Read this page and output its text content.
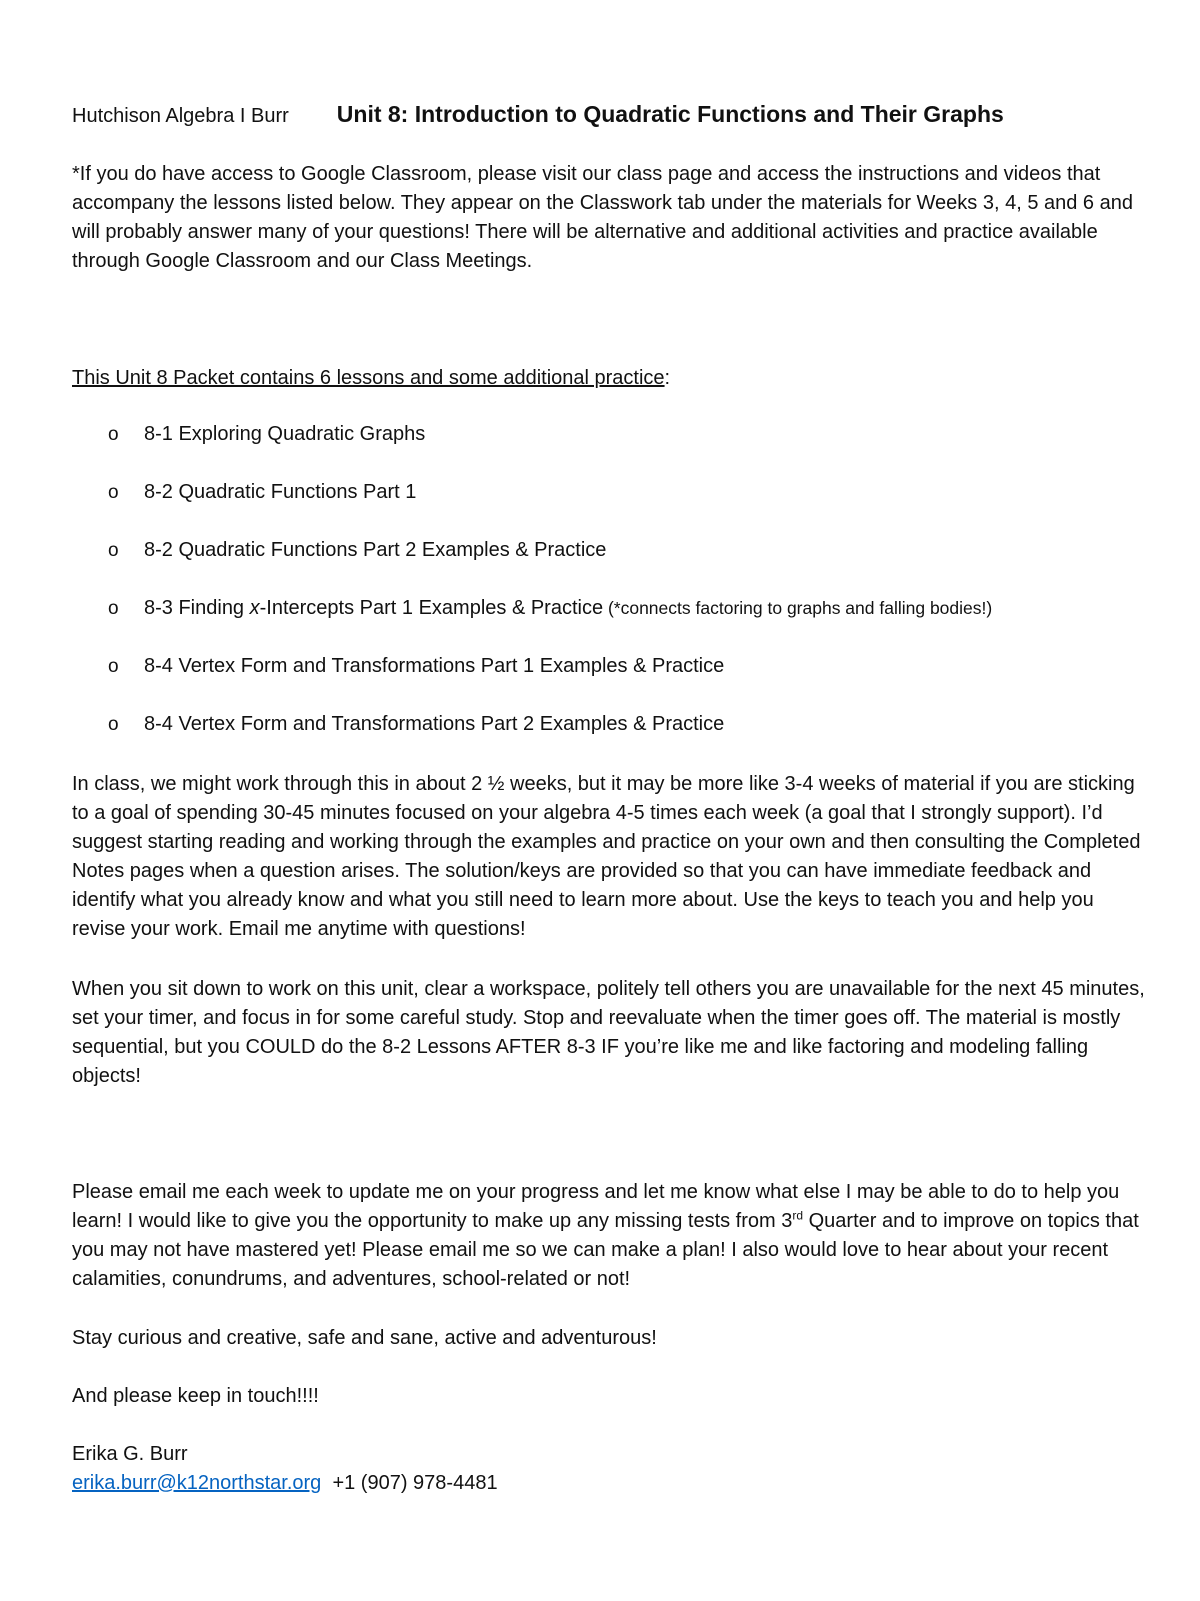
Hutchison Algebra I Burr Unit 8: Introduction to Quadratic Functions and Their Graphs

*If you do have access to Google Classroom, please visit our class page and access the instructions and videos that accompany the lessons listed below. They appear on the Classwork tab under the materials for Weeks 3, 4, 5 and 6 and will probably answer many of your questions! There will be alternative and additional activities and practice available through Google Classroom and our Class Meetings.

This Unit 8 Packet contains 6 lessons and some additional practice:

o 8-1 Exploring Quadratic Graphs
o 8-2 Quadratic Functions Part 1
o 8-2 Quadratic Functions Part 2 Examples & Practice
o 8-3 Finding x-Intercepts Part 1 Examples & Practice (*connects factoring to graphs and falling bodies!)
o 8-4 Vertex Form and Transformations Part 1 Examples & Practice
o 8-4 Vertex Form and Transformations Part 2 Examples & Practice

In class, we might work through this in about 2 ½ weeks, but it may be more like 3-4 weeks of material if you are sticking to a goal of spending 30-45 minutes focused on your algebra 4-5 times each week (a goal that I strongly support). I’d suggest starting reading and working through the examples and practice on your own and then consulting the Completed Notes pages when a question arises. The solution/keys are provided so that you can have immediate feedback and identify what you already know and what you still need to learn more about. Use the keys to teach you and help you revise your work. Email me anytime with questions!

When you sit down to work on this unit, clear a workspace, politely tell others you are unavailable for the next 45 minutes, set your timer, and focus in for some careful study. Stop and reevaluate when the timer goes off. The material is mostly sequential, but you COULD do the 8-2 Lessons AFTER 8-3 IF you’re like me and like factoring and modeling falling objects!

Please email me each week to update me on your progress and let me know what else I may be able to do to help you learn! I would like to give you the opportunity to make up any missing tests from 3rd Quarter and to improve on topics that you may not have mastered yet! Please email me so we can make a plan! I also would love to hear about your recent calamities, conundrums, and adventures, school-related or not!

Stay curious and creative, safe and sane, active and adventurous!

And please keep in touch!!!!

Erika G. Burr
erika.burr@k12northstar.org +1 (907) 978-4481
